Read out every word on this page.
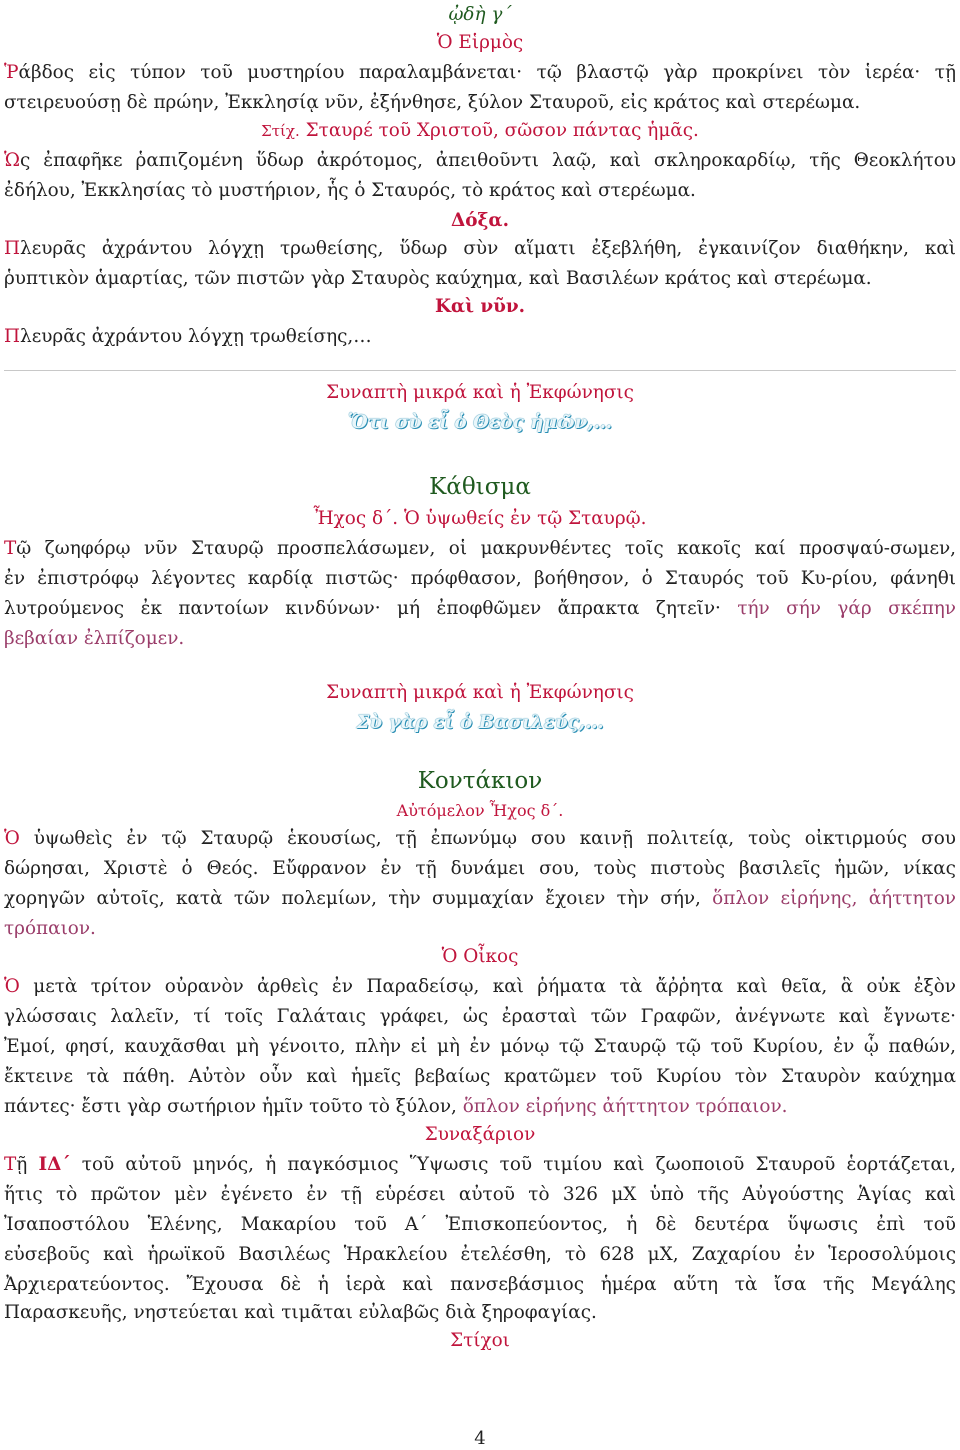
ᾠδὴ γ΄
Ὁ Εἱρμὸς
Ῥάβδος εἰς τύπον τοῦ μυστηρίου παραλαμβάνεται· τῷ βλαστῷ γὰρ προκρίνει τὸν ἱερέα· τῇ
στειρευούσῃ δὲ πρώην, Ἐκκλησίᾳ νῦν, ἐξήνθησε, ξύλον Σταυροῦ, εἰς κράτος καὶ στερέωμα.
Στίχ. Σταυρέ τοῦ Χριστοῦ, σῶσον πάντας ἡμᾶς.
Ὡς ἐπαφῆκε ῥαπιζομένη ὕδωρ ἀκρότομος, ἀπειθοῦντι λαῷ, καὶ σκληροκαρδίῳ, τῆς Θεοκλήτου
ἐδήλου, Ἐκκλησίας τὸ μυστήριον, ἧς ὁ Σταυρός, τὸ κράτος καὶ στερέωμα.
Δόξα.
Πλευρᾶς ἀχράντου λόγχῃ τρωθείσης, ὕδωρ σὺν αἵματι ἐξεβλήθη, ἐγκαινίζον διαθήκην, καὶ
ῥυπτικὸν ἁμαρτίας, τῶν πιστῶν γὰρ Σταυρὸς καύχημα, καὶ Βασιλέων κράτος καὶ στερέωμα.
Καὶ νῦν.
Πλευρᾶς ἀχράντου λόγχῃ τρωθείσης,…
Συναπτὴ μικρά καὶ ἡ Ἐκφώνησις
Ὅτι σὺ εἶ ὁ Θεὸς ἡμῶν,…
Κάθισμα
Ἦχος δ΄. Ὁ ὑψωθείς ἐν τῷ Σταυρῷ.
Τῷ ζωηφόρῳ νῦν Σταυρῷ προσπελάσωμεν, οἱ μακρυνθέντες τοῖς κακοῖς καί προσψαύ-σωμεν,
ἐν ἐπιστρόφῳ λέγοντες καρδίᾳ πιστῶς· πρόφθασον, βοήθησον, ὁ Σταυρός τοῦ Κυ-ρίου, φάνηθι
λυτρούμενος ἐκ παντοίων κινδύνων· μή ἐποφθῶμεν ἄπρακτα ζητεῖν· τήν σήν γάρ σκέπην
βεβαίαν ἐλπίζομεν.
Συναπτὴ μικρά καὶ ἡ Ἐκφώνησις
Σὺ γὰρ εἶ ὁ Βασιλεύς,…
Κοντάκιον
Αὐτόμελον Ἦχος δ΄.
Ὁ ὑψωθεὶς ἐν τῷ Σταυρῷ ἑκουσίως, τῇ ἐπωνύμῳ σου καινῇ πολιτείᾳ, τοὺς οἰκτιρμούς σου
δώρησαι, Χριστὲ ὁ Θεός. Εὔφρανον ἐν τῇ δυνάμει σου, τοὺς πιστοὺς βασιλεῖς ἡμῶν, νίκας
χορηγῶν αὐτοῖς, κατὰ τῶν πολεμίων, τὴν συμμαχίαν ἔχοιεν τὴν σήν, ὅπλον εἰρήνης, ἀήττητον
τρόπαιον.
Ὁ Οἶκος
Ὁ μετὰ τρίτον οὐρανὸν ἀρθεὶς ἐν Παραδείσῳ, καὶ ῥήματα τὰ ἄῤῥητα καὶ θεῖα, ἃ οὐκ ἐξὸν
γλώσσαις λαλεῖν, τί τοῖς Γαλάταις γράφει, ὡς ἐρασταὶ τῶν Γραφῶν, ἀνέγνωτε καὶ ἔγνωτε·
Ἐμοί, φησί, καυχᾶσθαι μὴ γένοιτο, πλὴν εἰ μὴ ἐν μόνῳ τῷ Σταυρῷ τῷ τοῦ Κυρίου, ἐν ᾧ παθών,
ἔκτεινε τὰ πάθη. Αὐτὸν οὖν καὶ ἡμεῖς βεβαίως κρατῶμεν τοῦ Κυρίου τὸν Σταυρὸν καύχημα
πάντες· ἔστι γὰρ σωτήριον ἡμῖν τοῦτο τὸ ξύλον, ὅπλον εἰρήνης ἀήττητον τρόπαιον.
Συναξάριον
Τῇ ΙΔ΄ τοῦ αὐτοῦ μηνός, ἡ παγκόσμιος Ὕψωσις τοῦ τιμίου καὶ ζωοποιοῦ Σταυροῦ ἑορτάζεται,
ἥτις τὸ πρῶτον μὲν ἐγένετο ἐν τῇ εὑρέσει αὐτοῦ τὸ 326 μΧ ὑπὸ τῆς Αὐγούστης Ἁγίας καὶ
Ἰσαποστόλου Ἑλένης, Μακαρίου τοῦ Α΄ Ἐπισκοπεύοντος, ἡ δὲ δευτέρα ὕψωσις ἐπὶ τοῦ
εὐσεβοῦς καὶ ἡρωϊκοῦ Βασιλέως Ἡρακλείου ἐτελέσθη, τὸ 628 μΧ, Ζαχαρίου ἐν Ἱεροσολύμοις
Ἀρχιερατεύοντος. Ἔχουσα δὲ ἡ ἱερὰ καὶ πανσεβάσμιος ἡμέρα αὕτη τὰ ἴσα τῆς Μεγάλης
Παρασκευῆς, νηστεύεται καὶ τιμᾶται εὐλαβῶς διὰ ξηροφαγίας.
Στίχοι
4
